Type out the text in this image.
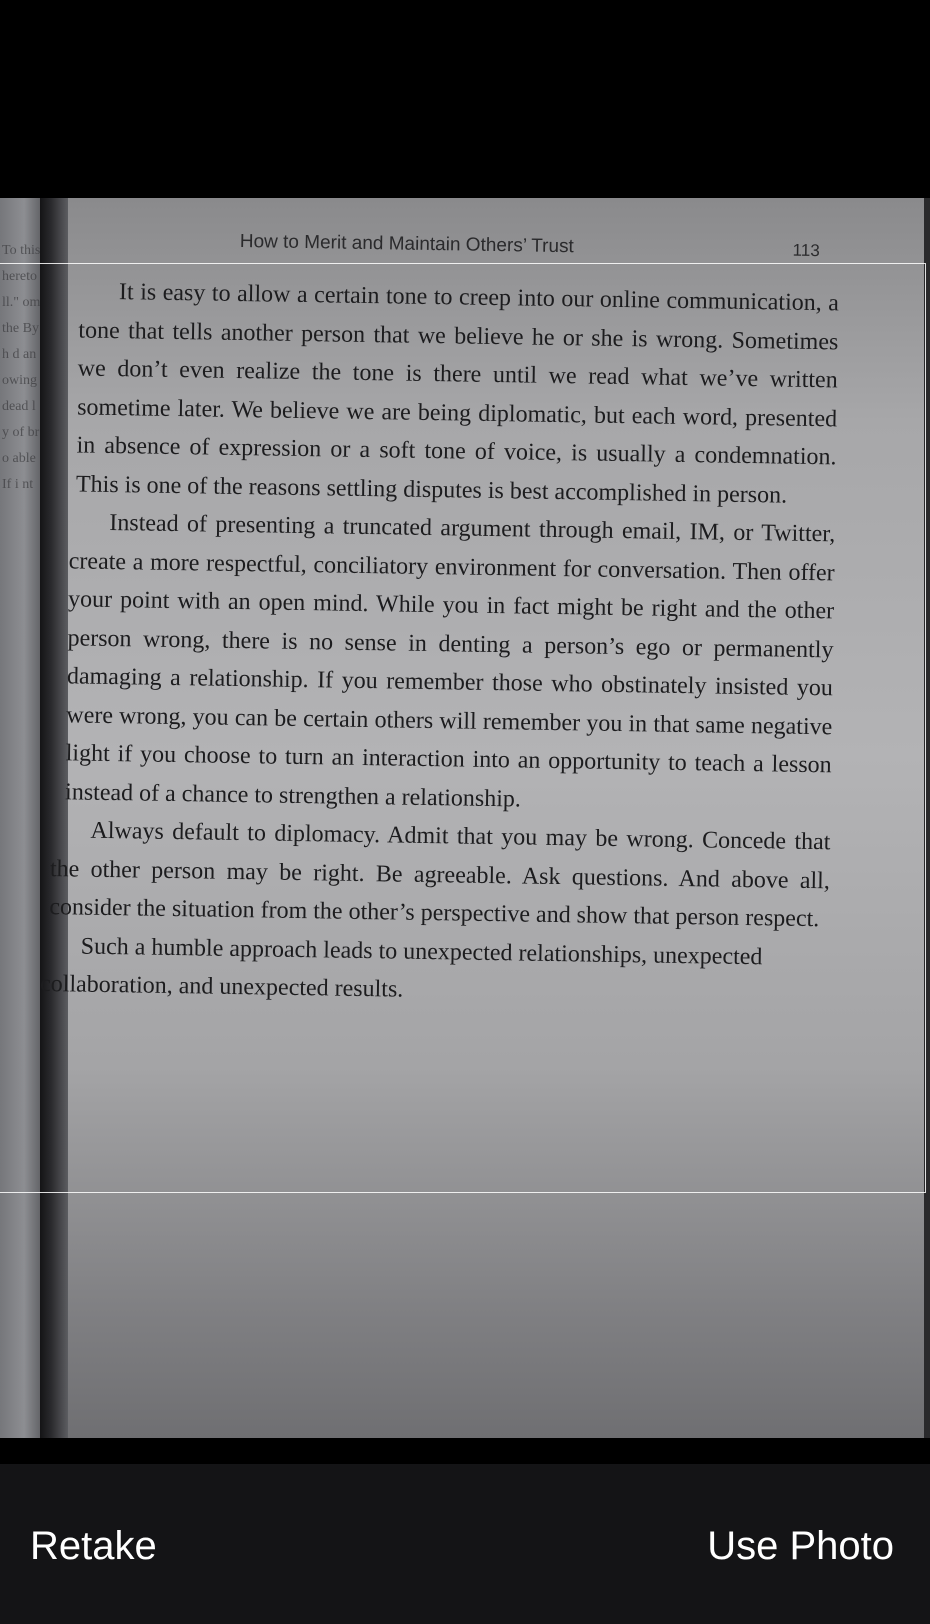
To this hereto ll." om the By h d an owing dead ly of bro able If i nt
How to Merit and Maintain Others’ Trust	113

It is easy to allow a certain tone to creep into our online communication, a tone that tells another person that we believe he or she is wrong. Sometimes we don’t even realize the tone is there until we read what we’ve written sometime later. We believe we are being diplomatic, but each word, presented in absence of expression or a soft tone of voice, is usually a condemnation. This is one of the reasons settling disputes is best accomplished in person.

Instead of presenting a truncated argument through email, IM, or Twitter, create a more respectful, conciliatory environment for conversation. Then offer your point with an open mind. While you in fact might be right and the other person wrong, there is no sense in denting a person’s ego or permanently damaging a relationship. If you remember those who obstinately insisted you were wrong, you can be certain others will remember you in that same negative light if you choose to turn an interaction into an opportunity to teach a lesson instead of a chance to strengthen a relationship.

Always default to diplomacy. Admit that you may be wrong. Concede that the other person may be right. Be agreeable. Ask questions. And above all, consider the situation from the other’s perspective and show that person respect.

Such a humble approach leads to unexpected relationships, unexpected collaboration, and unexpected results.

Retake	Use Photo
